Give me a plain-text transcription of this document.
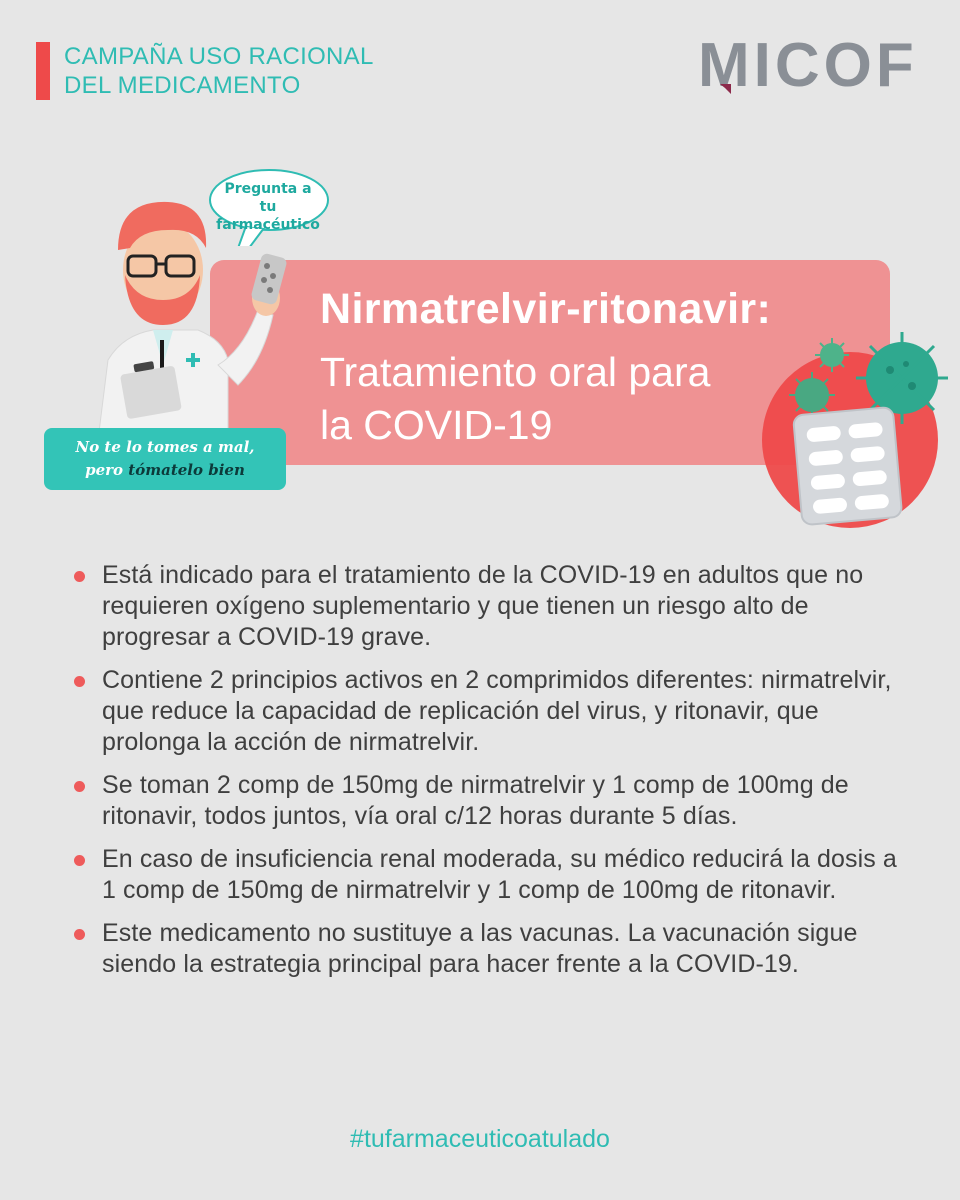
CAMPAÑA USO RACIONAL
DEL MEDICAMENTO	MICOF
Pregunta a
tu farmacéutico
Nirmatrelvir-ritonavir:
Tratamiento oral para
la COVID-19
No te lo tomes a mal,
pero tómatelo bien
Está indicado para el tratamiento de la COVID-19 en adultos que no requieren oxígeno suplementario y que tienen un riesgo alto de progresar a COVID-19 grave.
Contiene 2 principios activos en 2 comprimidos diferentes: nirmatrelvir, que reduce la capacidad de replicación del virus, y ritonavir, que prolonga la acción de nirmatrelvir.
Se toman 2 comp de 150mg de nirmatrelvir y 1 comp de 100mg de ritonavir, todos juntos, vía oral c/12 horas durante 5 días.
En caso de insuficiencia renal moderada, su médico reducirá la dosis a 1 comp de 150mg de nirmatrelvir y 1 comp de 100mg de ritonavir.
Este medicamento no sustituye a las vacunas. La vacunación sigue siendo la estrategia principal para hacer frente a la COVID-19.
#tufarmaceuticoatulado
